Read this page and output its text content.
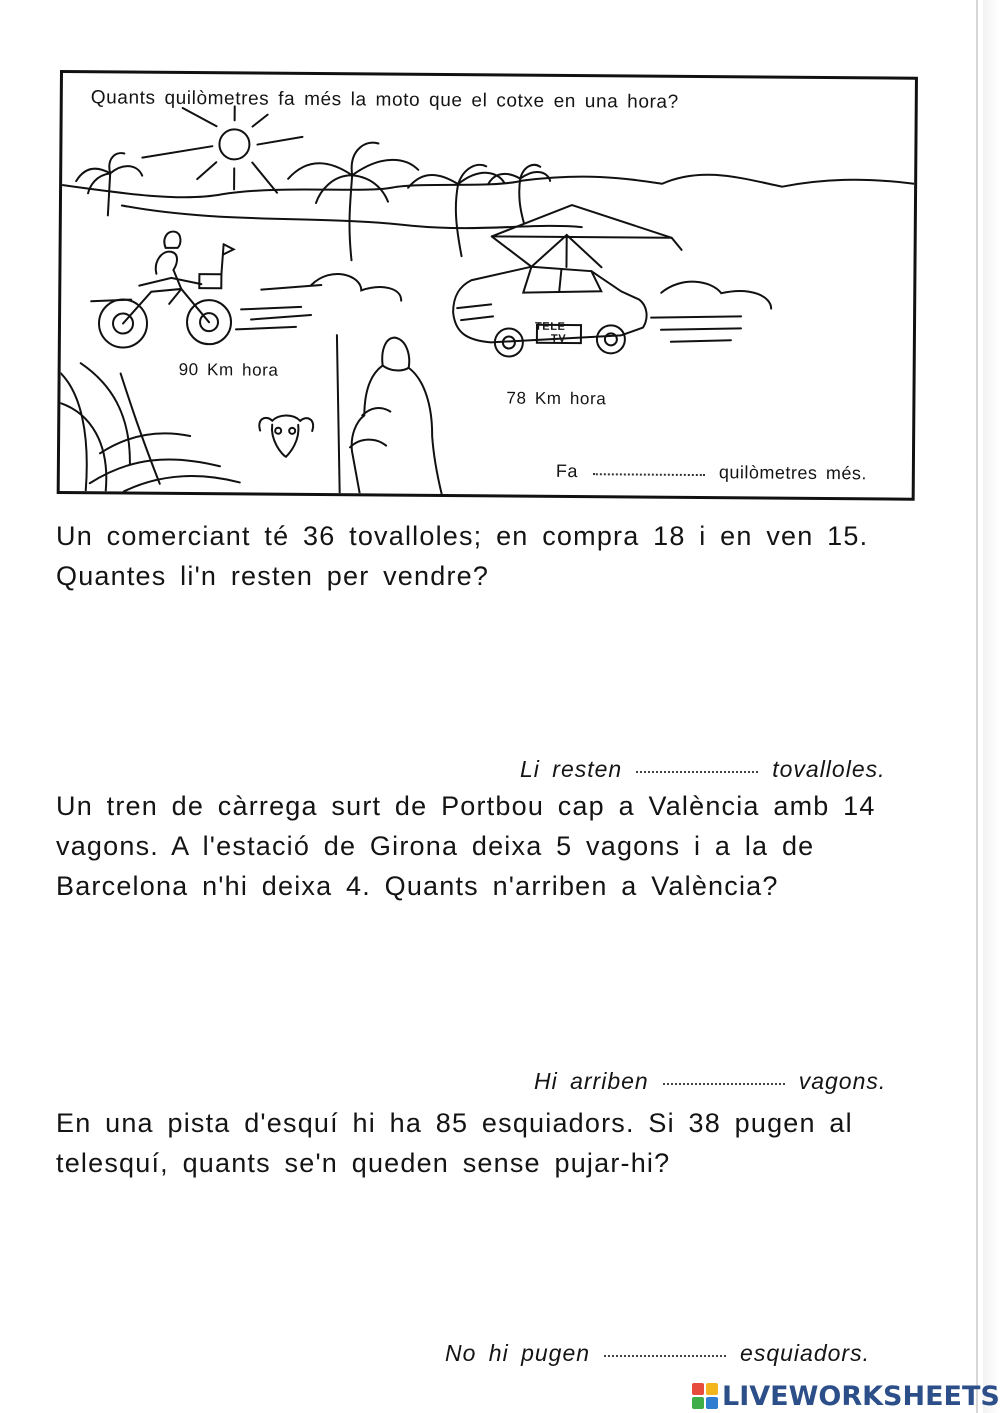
Quants quilòmetres fa més la moto que el cotxe en una hora?
90 Km hora
78 Km hora
TELE
TV
Fa	quilòmetres més.
Un comerciant té 36 tovalloles; en compra 18 i en ven 15. Quantes li'n resten per vendre?
Li resten	tovalloles.
Un tren de càrrega surt de Portbou cap a València amb 14 vagons. A l'estació de Girona deixa 5 vagons i a la de Barcelona n'hi deixa 4. Quants n'arriben a València?
Hi arriben	vagons.
En una pista d'esquí hi ha 85 esquiadors. Si 38 pugen al telesquí, quants se'n queden sense pujar-hi?
No hi pugen	esquiadors.
LIVEWORKSHEETS
